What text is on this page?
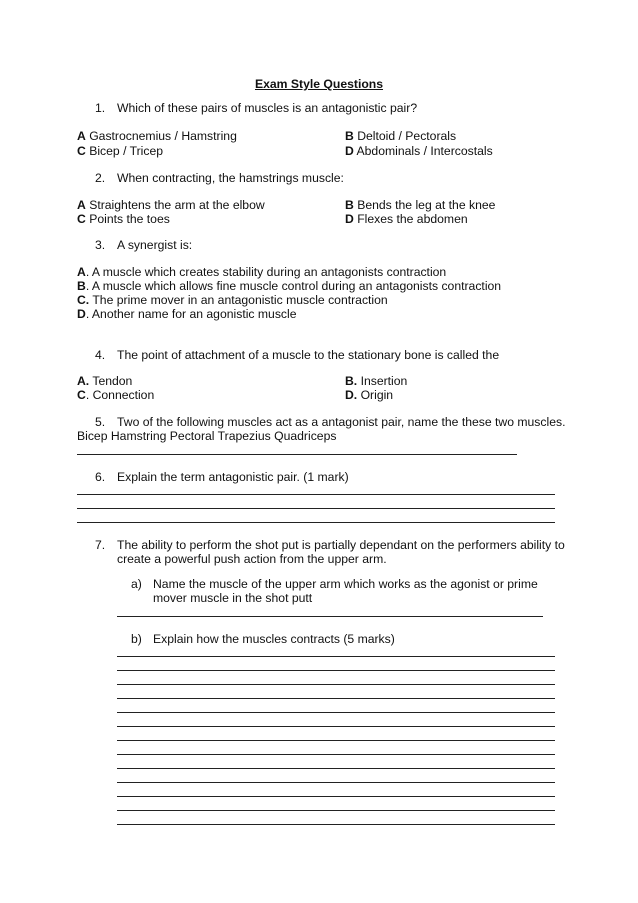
Exam Style Questions
1. Which of these pairs of muscles is an antagonistic pair?
A Gastrocnemius / Hamstring	B Deltoid / Pectorals
C Bicep / Tricep	D Abdominals / Intercostals
2. When contracting, the hamstrings muscle:
A Straightens the arm at the elbow	B Bends the leg at the knee
C Points the toes	D Flexes the abdomen
3. A synergist is:
A. A muscle which creates stability during an antagonists contraction
B. A muscle which allows fine muscle control during an antagonists contraction
C. The prime mover in an antagonistic muscle contraction
D. Another name for an agonistic muscle
4. The point of attachment of a muscle to the stationary bone is called the
A. Tendon	B. Insertion
C. Connection	D. Origin
5. Two of the following muscles act as a antagonist pair, name the these two muscles.
Bicep Hamstring Pectoral Trapezius Quadriceps
6. Explain the term antagonistic pair. (1 mark)
7. The ability to perform the shot put is partially dependant on the performers ability to
create a powerful push action from the upper arm.
a) Name the muscle of the upper arm which works as the agonist or prime
mover muscle in the shot putt
b) Explain how the muscles contracts (5 marks)
